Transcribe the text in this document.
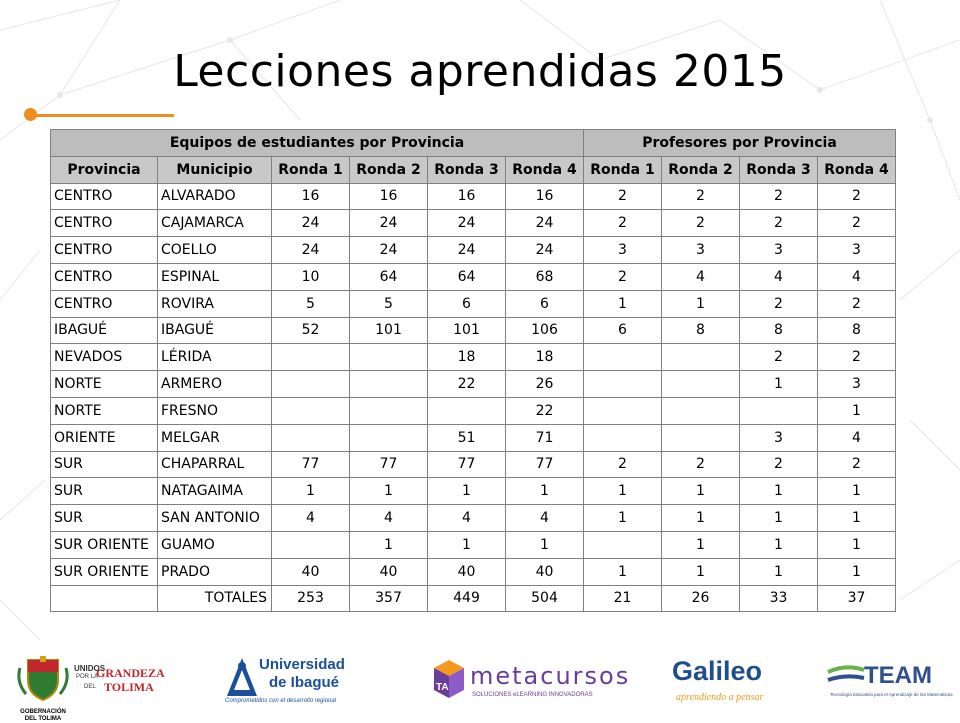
Lecciones aprendidas 2015
Equipos de estudiantes por Provincia						Profesores por Provincia			
Provincia	Municipio	Ronda 1	Ronda 2	Ronda 3	Ronda 4	Ronda 1	Ronda 2	Ronda 3	Ronda 4
CENTRO	ALVARADO	16	16	16	16	2	2	2	2
CENTRO	CAJAMARCA	24	24	24	24	2	2	2	2
CENTRO	COELLO	24	24	24	24	3	3	3	3
CENTRO	ESPINAL	10	64	64	68	2	4	4	4
CENTRO	ROVIRA	5	5	6	6	1	1	2	2
IBAGUÉ	IBAGUÉ	52	101	101	106	6	8	8	8
NEVADOS	LÉRIDA			18	18			2	2
NORTE	ARMERO			22	26			1	3
NORTE	FRESNO				22				1
ORIENTE	MELGAR			51	71			3	4
SUR	CHAPARRAL	77	77	77	77	2	2	2	2
SUR	NATAGAIMA	1	1	1	1	1	1	1	1
SUR	SAN ANTONIO	4	4	4	4	1	1	1	1
SUR ORIENTE	GUAMO		1	1	1		1	1	1
SUR ORIENTE	PRADO	40	40	40	40	1	1	1	1
	TOTALES	253	357	449	504	21	26	33	37
GOBERNACIÓN DEL TOLIMA
UNIDOS
POR LA
GRANDEZA
DEL TOLIMA
Universidad
de Ibagué
Comprometidos con el desarrollo regional
TA metacursos
SOLUCIONES eLEARNING INNOVADORAS
Galileo
aprendiendo a pensar
TEAM
Tecnología Educativa para el Aprendizaje de las Matemáticas
